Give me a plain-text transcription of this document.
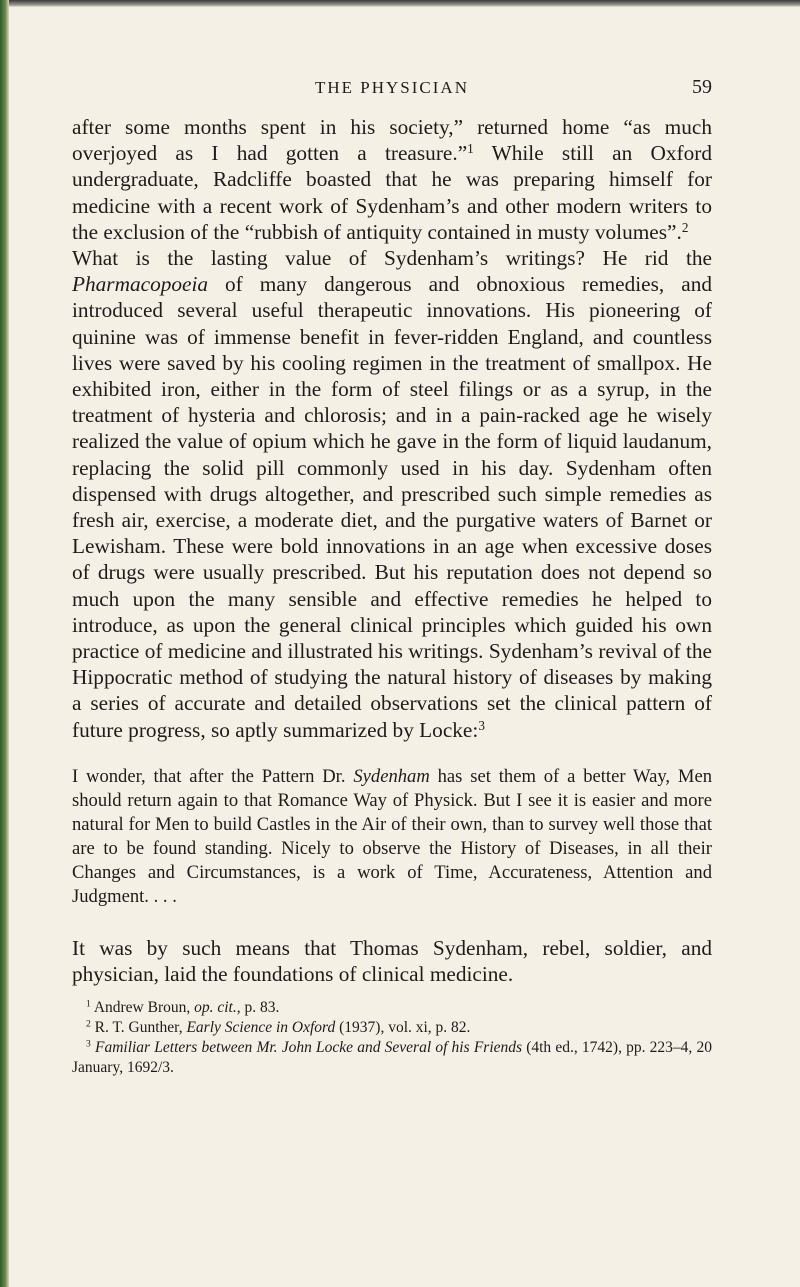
THE PHYSICIAN	59

after some months spent in his society,” returned home “as much overjoyed as I had gotten a treasure.”$^1$ While still an Oxford undergraduate, Radcliffe boasted that he was preparing himself for medicine with a recent work of Sydenham’s and other modern writers to the exclusion of the “rubbish of antiquity contained in musty volumes”.$^2$

What is the lasting value of Sydenham’s writings? He rid the Pharmacopoeia of many dangerous and obnoxious remedies, and introduced several useful therapeutic innovations. His pioneering of quinine was of immense benefit in fever-ridden England, and countless lives were saved by his cooling regimen in the treatment of smallpox. He exhibited iron, either in the form of steel filings or as a syrup, in the treatment of hysteria and chlorosis; and in a pain-racked age he wisely realized the value of opium which he gave in the form of liquid laudanum, replacing the solid pill commonly used in his day. Sydenham often dispensed with drugs altogether, and prescribed such simple remedies as fresh air, exercise, a moderate diet, and the purgative waters of Barnet or Lewisham. These were bold innovations in an age when excessive doses of drugs were usually prescribed. But his reputation does not depend so much upon the many sensible and effective remedies he helped to introduce, as upon the general clinical principles which guided his own practice of medicine and illustrated his writings. Sydenham’s revival of the Hippocratic method of studying the natural history of diseases by making a series of accurate and detailed observations set the clinical pattern of future progress, so aptly summarized by Locke:$^3$

I wonder, that after the Pattern Dr. Sydenham has set them of a better Way, Men should return again to that Romance Way of Physick. But I see it is easier and more natural for Men to build Castles in the Air of their own, than to survey well those that are to be found standing. Nicely to observe the History of Diseases, in all their Changes and Circumstances, is a work of Time, Accurateness, Attention and Judgment. . . .

It was by such means that Thomas Sydenham, rebel, soldier, and physician, laid the foundations of clinical medicine.

$^1$ Andrew Broun, op. cit., p. 83.

$^2$ R. T. Gunther, Early Science in Oxford (1937), vol. xi, p. 82.

$^3$ Familiar Letters between Mr. John Locke and Several of his Friends (4th ed., 1742), pp. 223–4, 20 January, 1692/3.
